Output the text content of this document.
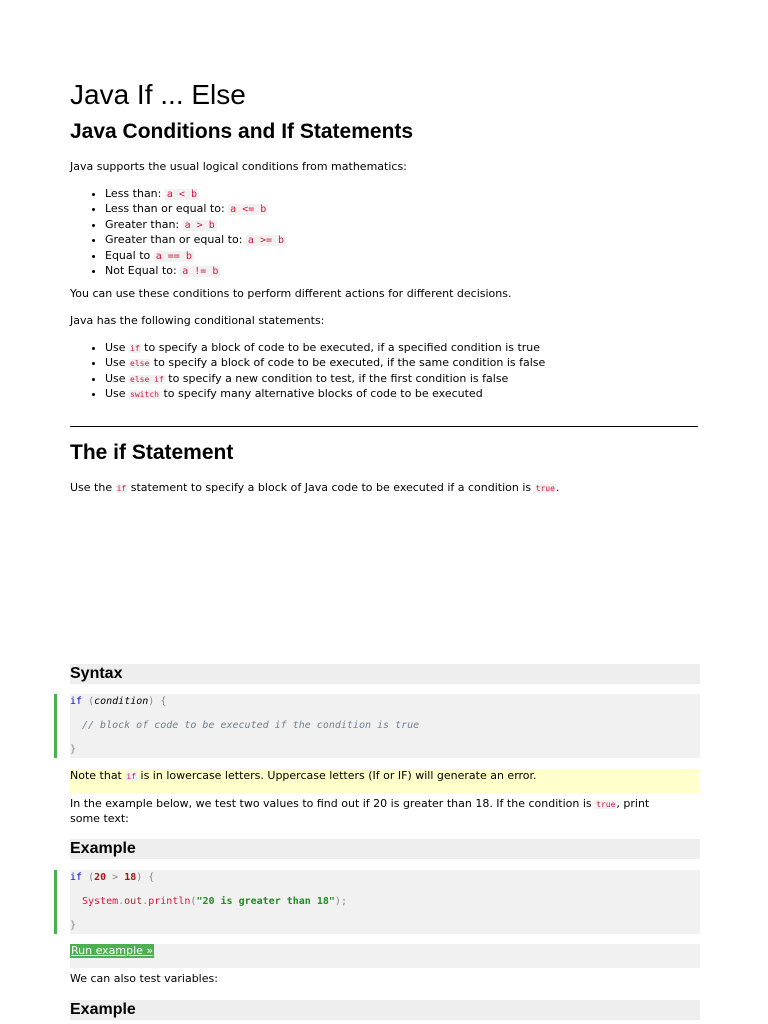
Java If ... Else
Java Conditions and If Statements

Java supports the usual logical conditions from mathematics:

• Less than: a < b
• Less than or equal to: a <= b
• Greater than: a > b
• Greater than or equal to: a >= b
• Equal to a == b
• Not Equal to: a != b

You can use these conditions to perform different actions for different decisions.

Java has the following conditional statements:

• Use if to specify a block of code to be executed, if a specified condition is true
• Use else to specify a block of code to be executed, if the same condition is false
• Use else if to specify a new condition to test, if the first condition is false
• Use switch to specify many alternative blocks of code to be executed
The if Statement

Use the if statement to specify a block of Java code to be executed if a condition is true.

Syntax
if (condition) {
// block of code to be executed if the condition is true
}
Note that if is in lowercase letters. Uppercase letters (If or IF) will generate an error.

In the example below, we test two values to find out if 20 is greater than 18. If the condition is true, print
some text:

Example
if (20 > 18) {
System.out.println("20 is greater than 18");
}
Run example »

We can also test variables:

Example
